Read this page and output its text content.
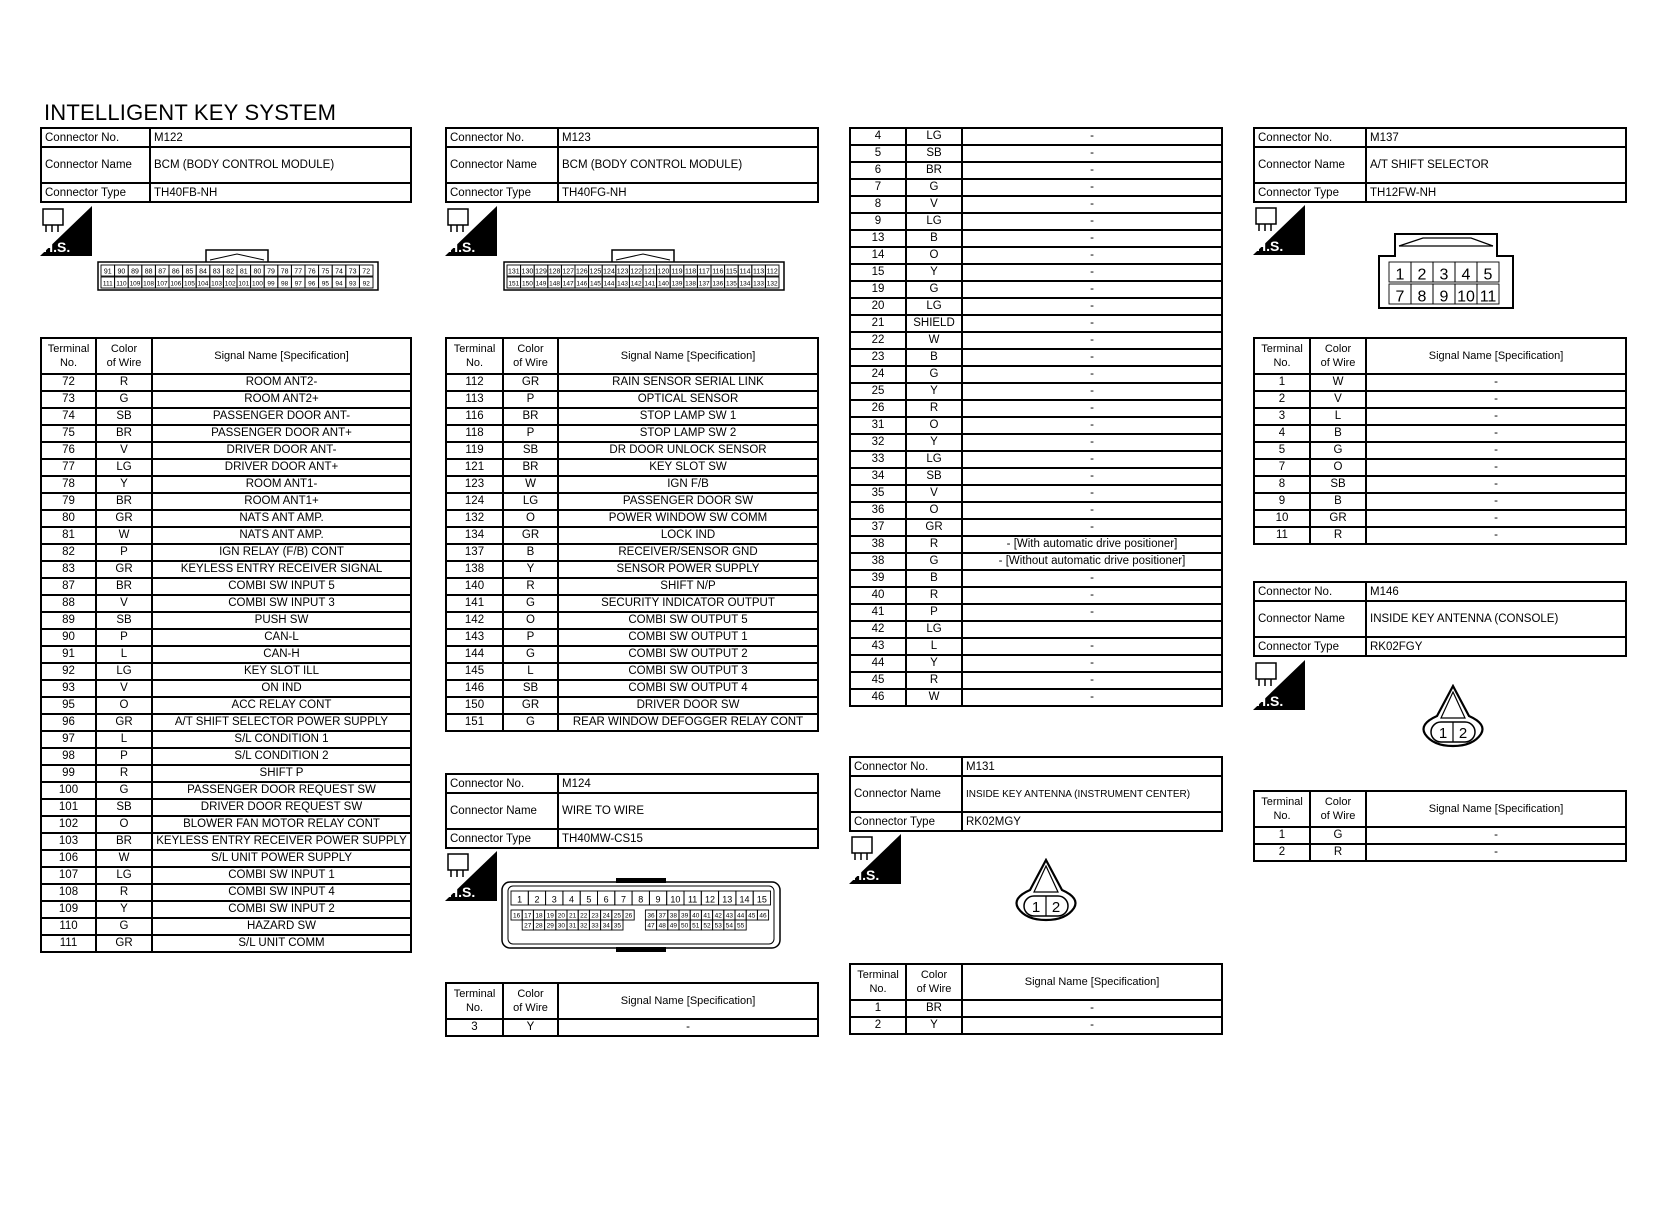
INTELLIGENT KEY SYSTEM
Connector No.	M122
Connector Name	BCM (BODY CONTROL MODULE)
Connector Type	TH40FB-NH
H.S.
91 90 89 88 87 86 85 84 83 82 81 80 79 78 77 76 75 74 73 72
111 110 109 108 107 106 105 104 103 102 101 100 99 98 97 96 95 94 93 92
Terminal
No.	Color
of Wire	Signal Name [Specification]
72	R	ROOM ANT2-
73	G	ROOM ANT2+
74	SB	PASSENGER DOOR ANT-
75	BR	PASSENGER DOOR ANT+
76	V	DRIVER DOOR ANT-
77	LG	DRIVER DOOR ANT+
78	Y	ROOM ANT1-
79	BR	ROOM ANT1+
80	GR	NATS ANT AMP.
81	W	NATS ANT AMP.
82	P	IGN RELAY (F/B) CONT
83	GR	KEYLESS ENTRY RECEIVER SIGNAL
87	BR	COMBI SW INPUT 5
88	V	COMBI SW INPUT 3
89	SB	PUSH SW
90	P	CAN-L
91	L	CAN-H
92	LG	KEY SLOT ILL
93	V	ON IND
95	O	ACC RELAY CONT
96	GR	A/T SHIFT SELECTOR POWER SUPPLY
97	L	S/L CONDITION 1
98	P	S/L CONDITION 2
99	R	SHIFT P
100	G	PASSENGER DOOR REQUEST SW
101	SB	DRIVER DOOR REQUEST SW
102	O	BLOWER FAN MOTOR RELAY CONT
103	BR	KEYLESS ENTRY RECEIVER POWER SUPPLY
106	W	S/L UNIT POWER SUPPLY
107	LG	COMBI SW INPUT 1
108	R	COMBI SW INPUT 4
109	Y	COMBI SW INPUT 2
110	G	HAZARD SW
111	GR	S/L UNIT COMM
Connector No.	M123
Connector Name	BCM (BODY CONTROL MODULE)
Connector Type	TH40FG-NH
H.S.
131 130 129 128 127 126 125 124 123 122 121 120 119 118 117 116 115 114 113 112
151 150 149 148 147 146 145 144 143 142 141 140 139 138 137 136 135 134 133 132
Terminal
No.	Color
of Wire	Signal Name [Specification]
112	GR	RAIN SENSOR SERIAL LINK
113	P	OPTICAL SENSOR
116	BR	STOP LAMP SW 1
118	P	STOP LAMP SW 2
119	SB	DR DOOR UNLOCK SENSOR
121	BR	KEY SLOT SW
123	W	IGN F/B
124	LG	PASSENGER DOOR SW
132	O	POWER WINDOW SW COMM
134	GR	LOCK IND
137	B	RECEIVER/SENSOR GND
138	Y	SENSOR POWER SUPPLY
140	R	SHIFT N/P
141	G	SECURITY INDICATOR OUTPUT
142	O	COMBI SW OUTPUT 5
143	P	COMBI SW OUTPUT 1
144	G	COMBI SW OUTPUT 2
145	L	COMBI SW OUTPUT 3
146	SB	COMBI SW OUTPUT 4
150	GR	DRIVER DOOR SW
151	G	REAR WINDOW DEFOGGER RELAY CONT
Connector No.	M124
Connector Name	WIRE TO WIRE
Connector Type	TH40MW-CS15
H.S.	1 2 3 4 5 6 7 8 9 10 11 12 13 14 15
16 17 18 19 20 21 22 23 24 25 26 36 37 38 39 40 41 42 43 44 45 46
27 28 29 30 31 32 33 34 35	47 48 49 50 51 52 53 54 55
Terminal
No.	Color
of Wire	Signal Name [Specification]
3	Y	-
4	LG	-
5	SB	-
6	BR	-
7	G	-
8	V	-
9	LG	-
13	B	-
14	O	-
15	Y	-
19	G	-
20	LG	-
21	SHIELD	-
22	W	-
23	B	-
24	G	-
25	Y	-
26	R	-
31	O	-
32	Y	-
33	LG	-
34	SB	-
35	V	-
36	O	-
37	GR	-
38	R	- [With automatic drive positioner]
38	G	- [Without automatic drive positioner]
39	B	-
40	R	-
41	P	-
42	LG	
43	L	-
44	Y	-
45	R	-
46	W	-
Connector No.	M131
Connector Name	INSIDE KEY ANTENNA (INSTRUMENT CENTER)
Connector Type	RK02MGY
H.S.
1 2
Terminal
No.	Color
of Wire	Signal Name [Specification]
1	BR	-
2	Y	-
Connector No.	M137
Connector Name	A/T SHIFT SELECTOR
Connector Type	TH12FW-NH
H.S.
1 2 3 4 5
7 8 9 10 11
Terminal
No.	Color
of Wire	Signal Name [Specification]
1	W	-
2	V	-
3	L	-
4	B	-
5	G	-
7	O	-
8	SB	-
9	B	-
10	GR	-
11	R	-
Connector No.	M146
Connector Name	INSIDE KEY ANTENNA (CONSOLE)
Connector Type	RK02FGY
H.S.
1 2
Terminal
No.	Color
of Wire	Signal Name [Specification]
1	G	-
2	R	-
